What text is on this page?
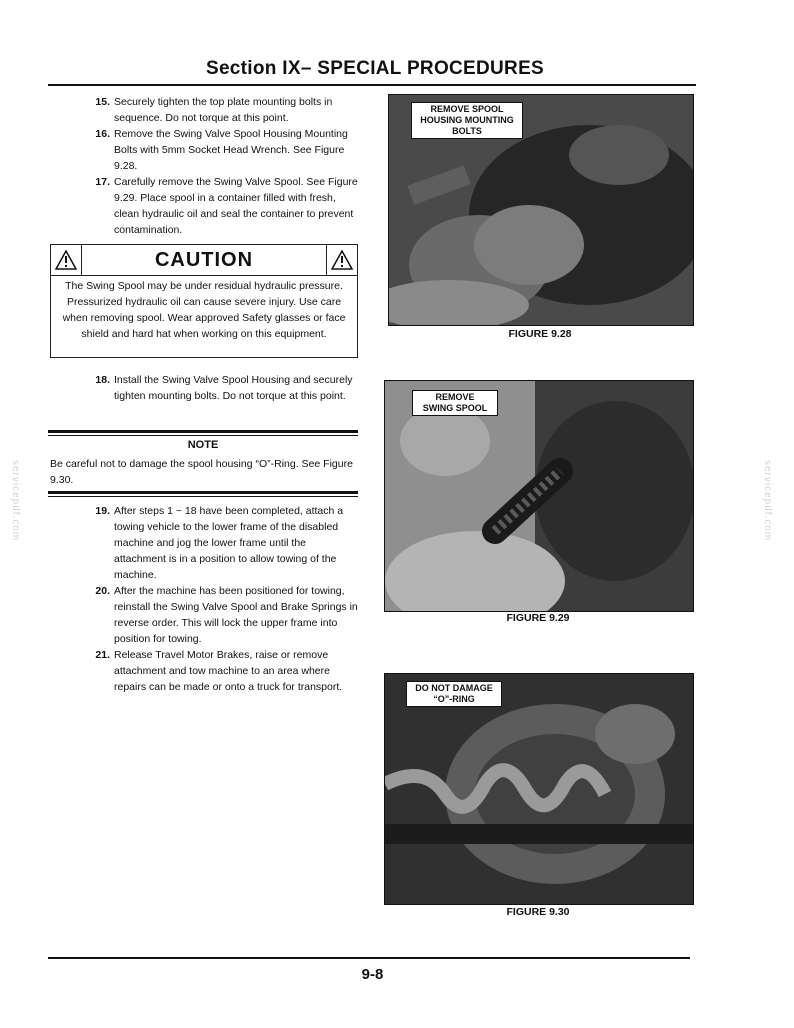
Section IX– SPECIAL PROCEDURES
15. Securely tighten the top plate mounting bolts in sequence. Do not torque at this point.
16. Remove the Swing Valve Spool Housing Mounting Bolts with 5mm Socket Head Wrench. See Figure 9.28.
17. Carefully remove the Swing Valve Spool. See Figure 9.29. Place spool in a container filled with fresh, clean hydraulic oil and seal the container to prevent contamination.
CAUTION
The Swing Spool may be under residual hydraulic pressure. Pressurized hydraulic oil can cause severe injury. Use care when removing spool. Wear approved Safety glasses or face shield and hard hat when working on this equipment.
18. Install the Swing Valve Spool Housing and securely tighten mounting bolts. Do not torque at this point.
NOTE
Be careful not to damage the spool housing “O”-Ring. See Figure 9.30.
19. After steps 1 ~ 18 have been completed, attach a towing vehicle to the lower frame of the disabled machine and jog the lower frame until the attachment is in a position to allow towing of the machine.
20. After the machine has been positioned for towing, reinstall the Swing Valve Spool and Brake Springs in reverse order. This will lock the upper frame into position for towing.
21. Release Travel Motor Brakes, raise or remove attachment and tow machine to an area where repairs can be made or onto a truck for transport.
REMOVE SPOOL
HOUSING MOUNTING
BOLTS
FIGURE 9.28
REMOVE
SWING SPOOL
FIGURE 9.29
DO NOT DAMAGE
“O”-RING
FIGURE 9.30
servicepdf.com	servicepdf.com
9-8
